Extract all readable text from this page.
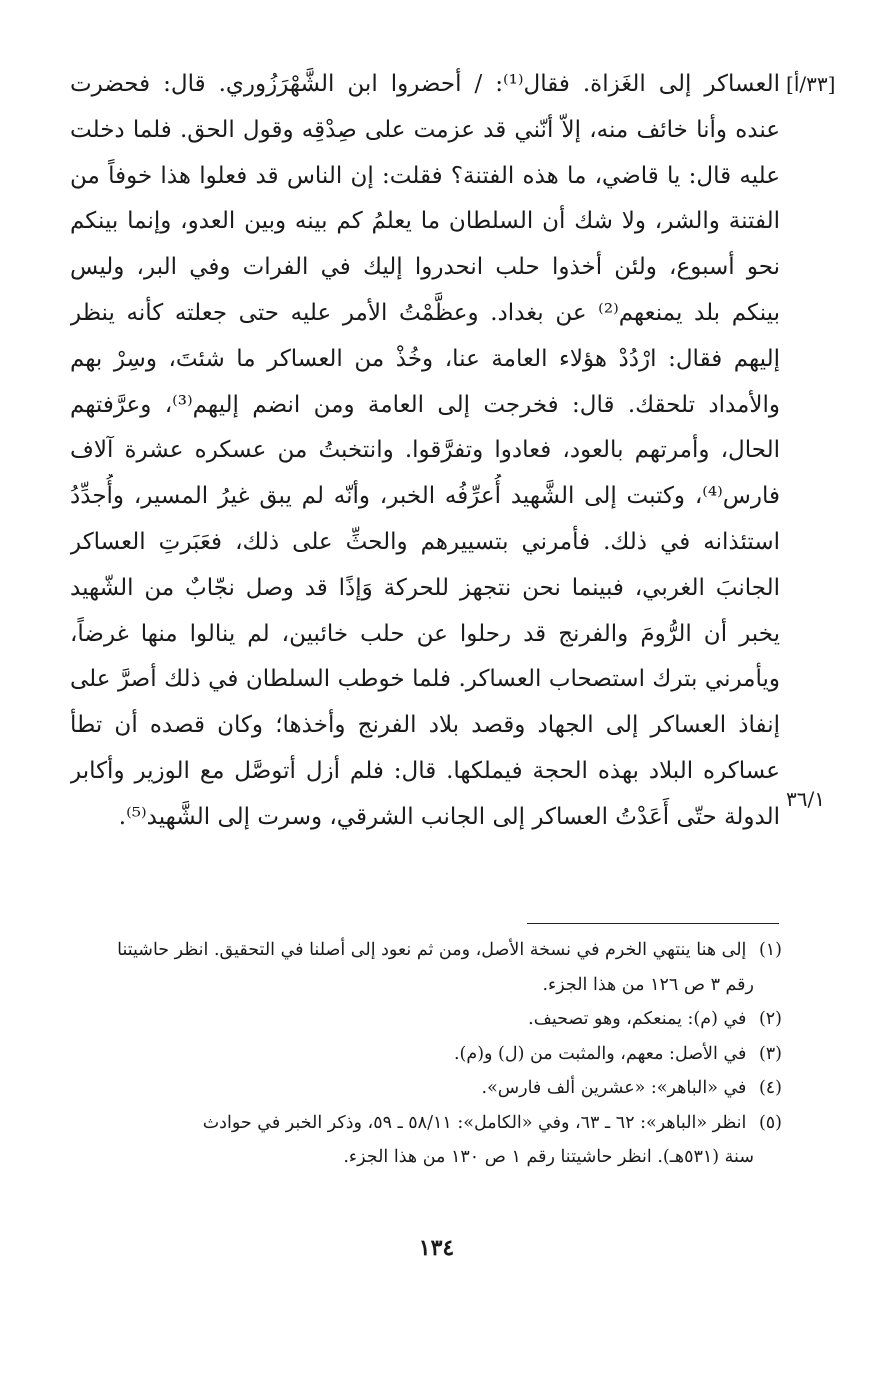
[٣٣/أ]
٣٦/١
العساكر إلى الغَزاة. فقال⁽¹⁾: / أحضروا ابن الشَّهْرَزُوري. قال: فحضرت
عنده وأنا خائف منه، إلاّ أنّني قد عزمت على صِدْقِه وقول الحق. فلما دخلت
عليه قال: يا قاضي، ما هذه الفتنة؟ فقلت: إن الناس قد فعلوا هذا خوفاً من
الفتنة والشر، ولا شك أن السلطان ما يعلمُ كم بينه وبين العدو، وإنما بينكم
نحو أسبوع، ولئن أخذوا حلب انحدروا إليك في الفرات وفي البر، وليس
بينكم بلد يمنعهم⁽²⁾ عن بغداد. وعظَّمْتُ الأمر عليه حتى جعلته كأنه ينظر
إليهم فقال: ارْدُدْ هؤلاء العامة عنا، وخُذْ من العساكر ما شئتَ، وسِرْ بهم
والأمداد تلحقك. قال: فخرجت إلى العامة ومن انضم إليهم⁽³⁾، وعرَّفتهم
الحال، وأمرتهم بالعود، فعادوا وتفرَّقوا. وانتخبتُ من عسكره عشرة آلاف
فارس⁽⁴⁾، وكتبت إلى الشَّهيد أُعرِّفُه الخبر، وأنّه لم يبق غيرُ المسير، وأُجدِّدُ
استئذانه في ذلك. فأمرني بتسييرهم والحثِّ على ذلك، فعَبَرتِ العساكر
الجانبَ الغربي، فبينما نحن نتجهز للحركة وَإذًا قد وصل نجّابٌ من الشّهيد
يخبر أن الرُّومَ والفرنج قد رحلوا عن حلب خائبين، لم ينالوا منها غرضاً،
ويأمرني بترك استصحاب العساكر. فلما خوطب السلطان في ذلك أصرَّ على
إنفاذ العساكر إلى الجهاد وقصد بلاد الفرنج وأخذها؛ وكان قصده أن تطأ
عساكره البلاد بهذه الحجة فيملكها. قال: فلم أزل أتوصَّل مع الوزير وأكابر
الدولة حتّى أَعَدْتُ العساكر إلى الجانب الشرقي، وسرت إلى الشَّهيد⁽⁵⁾.
(١) إلى هنا ينتهي الخرم في نسخة الأصل، ومن ثم نعود إلى أصلنا في التحقيق. انظر حاشيتنا
رقم ٣ ص ١٢٦ من هذا الجزء.
(٢) في (م): يمنعكم، وهو تصحيف.
(٣) في الأصل: معهم، والمثبت من (ل) و(م).
(٤) في «الباهر»: «عشرين ألف فارس».
(٥) انظر «الباهر»: ٦٢ ـ ٦٣، وفي «الكامل»: ٥٨/١١ ـ ٥٩، وذكر الخبر في حوادث
سنة (٥٣١هـ). انظر حاشيتنا رقم ١ ص ١٣٠ من هذا الجزء.
١٣٤
